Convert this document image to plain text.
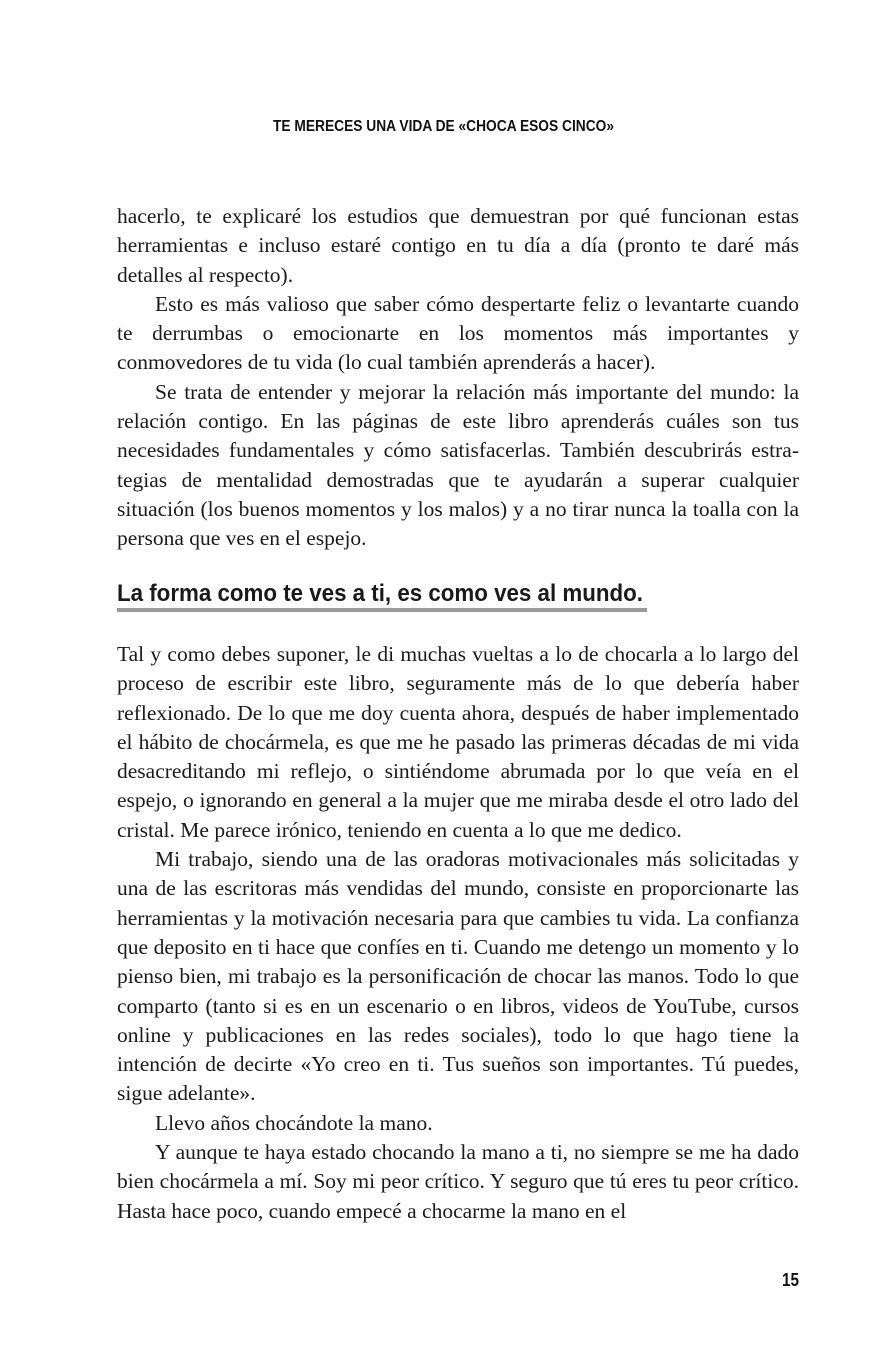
TE MERECES UNA VIDA DE «CHOCA ESOS CINCO»

hacerlo, te explicaré los estudios que demuestran por qué funcionan estas herramientas e incluso estaré contigo en tu día a día (pronto te daré más detalles al respecto).

Esto es más valioso que saber cómo despertarte feliz o levantarte cuando te derrumbas o emocionarte en los momentos más importantes y conmovedores de tu vida (lo cual también aprenderás a hacer).

Se trata de entender y mejorar la relación más importante del mundo: la relación contigo. En las páginas de este libro aprenderás cuáles son tus necesidades fundamentales y cómo satisfacerlas. También descubrirás estrategias de mentalidad demostradas que te ayudarán a superar cualquier situación (los buenos momentos y los malos) y a no tirar nunca la toalla con la persona que ves en el espejo.

La forma como te ves a ti, es como ves al mundo.

Tal y como debes suponer, le di muchas vueltas a lo de chocarla a lo largo del proceso de escribir este libro, seguramente más de lo que debería haber reflexionado. De lo que me doy cuenta ahora, después de haber implementado el hábito de chocármela, es que me he pasado las primeras décadas de mi vida desacreditando mi reflejo, o sintiéndome abrumada por lo que veía en el espejo, o ignorando en general a la mujer que me miraba desde el otro lado del cristal. Me parece irónico, teniendo en cuenta a lo que me dedico.

Mi trabajo, siendo una de las oradoras motivacionales más solicitadas y una de las escritoras más vendidas del mundo, consiste en proporcionarte las herramientas y la motivación necesaria para que cambies tu vida. La confianza que deposito en ti hace que confíes en ti. Cuando me detengo un momento y lo pienso bien, mi trabajo es la personificación de chocar las manos. Todo lo que comparto (tanto si es en un escenario o en libros, videos de YouTube, cursos online y publicaciones en las redes sociales), todo lo que hago tiene la intención de decirte «Yo creo en ti. Tus sueños son importantes. Tú puedes, sigue adelante».

Llevo años chocándote la mano.

Y aunque te haya estado chocando la mano a ti, no siempre se me ha dado bien chocármela a mí. Soy mi peor crítico. Y seguro que tú eres tu peor crítico. Hasta hace poco, cuando empecé a chocarme la mano en el

15
